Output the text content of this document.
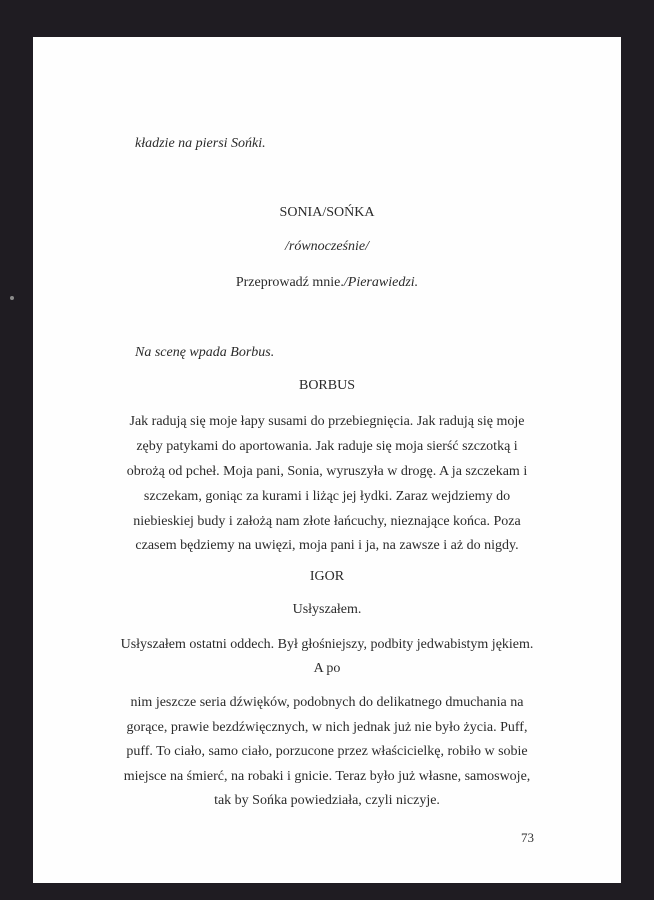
kładzie na piersi Sońki.
SONIA/SOŃKA
/równocześnie/
Przeprowadź mnie./Pierawiedzi.
Na scenę wpada Borbus.
BORBUS
Jak radują się moje łapy susami do przebiegnięcia. Jak radują się moje
zęby patykami do aportowania. Jak raduje się moja sierść szczotką i
obrożą od pcheł. Moja pani, Sonia, wyruszyła w drogę. A ja szczekam i
szczekam, goniąc za kurami i liżąc jej łydki. Zaraz wejdziemy do
niebieskiej budy i założą nam złote łańcuchy, nieznające końca. Poza
czasem będziemy na uwięzi, moja pani i ja, na zawsze i aż do nigdy.
IGOR
Usłyszałem.
Usłyszałem ostatni oddech. Był głośniejszy, podbity jedwabistym jękiem.
A po
nim jeszcze seria dźwięków, podobnych do delikatnego dmuchania na
gorące, prawie bezdźwięcznych, w nich jednak już nie było życia. Puff,
puff. To ciało, samo ciało, porzucone przez właścicielkę, robiło w sobie
miejsce na śmierć, na robaki i gnicie. Teraz było już własne, samoswoje,
tak by Sońka powiedziała, czyli niczyje.
73
